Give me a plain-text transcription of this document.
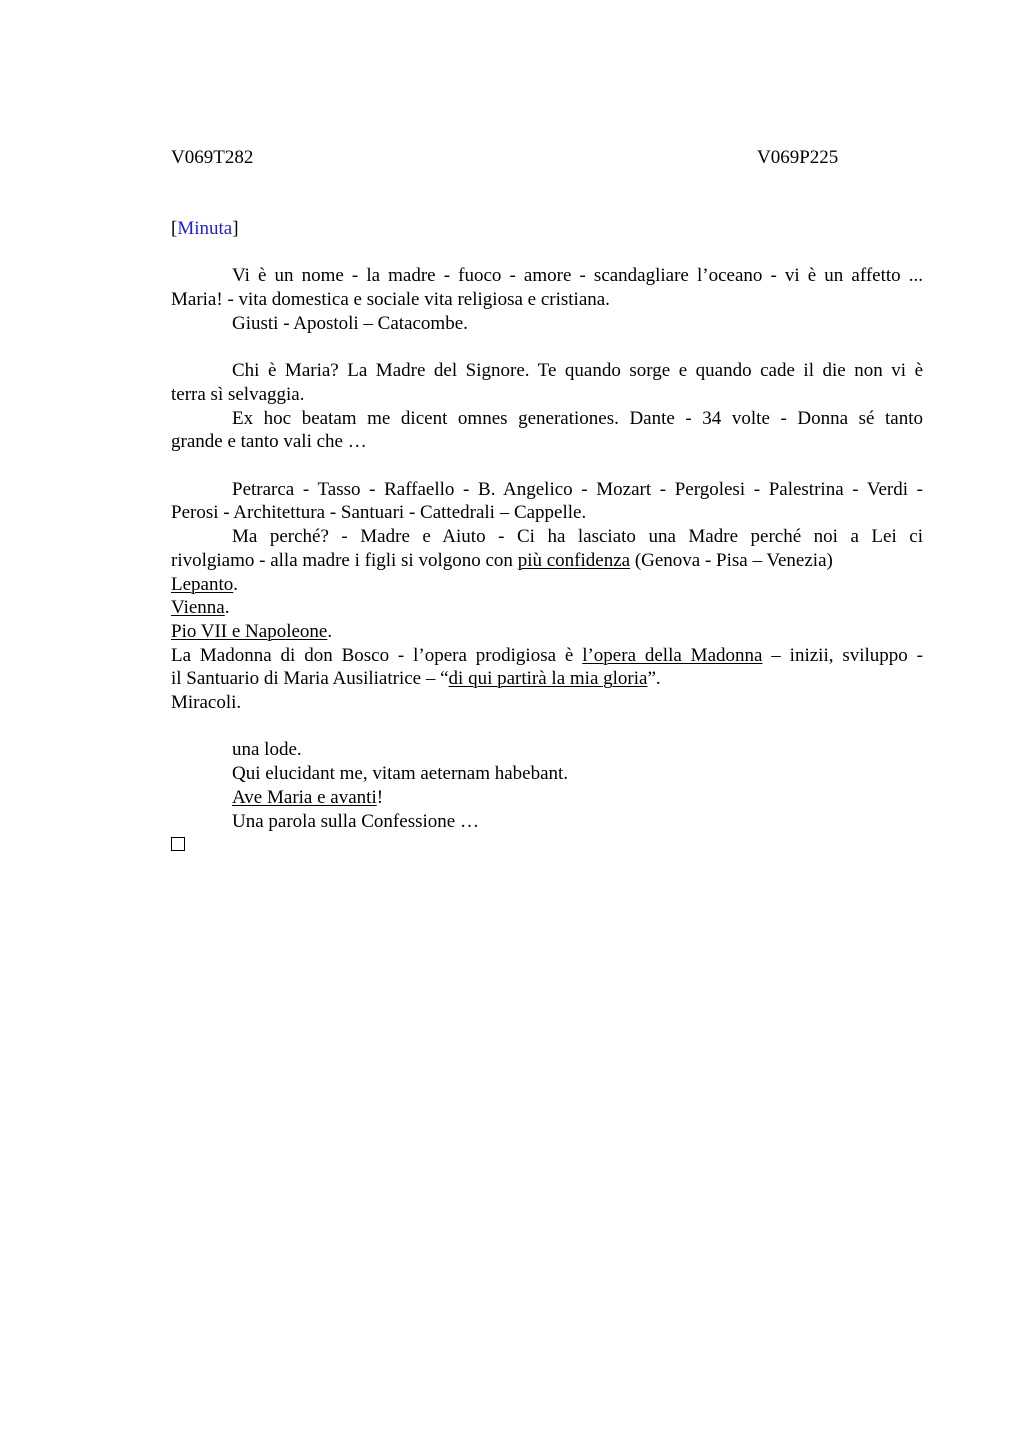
V069T282	V069P225
[Minuta]
Vi è un nome - la madre - fuoco - amore - scandagliare l’oceano - vi è un affetto ...
Maria! - vita domestica e sociale vita religiosa e cristiana.
Giusti - Apostoli – Catacombe.
Chi è Maria? La Madre del Signore. Te quando sorge e quando cade il die non vi è
terra sì selvaggia.
Ex hoc beatam me dicent omnes generationes. Dante - 34 volte - Donna sé tanto
grande e tanto vali che …
Petrarca - Tasso - Raffaello - B. Angelico - Mozart - Pergolesi - Palestrina - Verdi -
Perosi - Architettura - Santuari - Cattedrali – Cappelle.
Ma perché? - Madre e Aiuto - Ci ha lasciato una Madre perché noi a Lei ci
rivolgiamo - alla madre i figli si volgono con più confidenza (Genova - Pisa – Venezia)
Lepanto.
Vienna.
Pio VII e Napoleone.
La Madonna di don Bosco - l’opera prodigiosa è l’opera della Madonna – inizii, sviluppo -
il Santuario di Maria Ausiliatrice – “di qui partirà la mia gloria”.
Miracoli.
una lode.
Qui elucidant me, vitam aeternam habebant.
Ave Maria e avanti!
Una parola sulla Confessione …
